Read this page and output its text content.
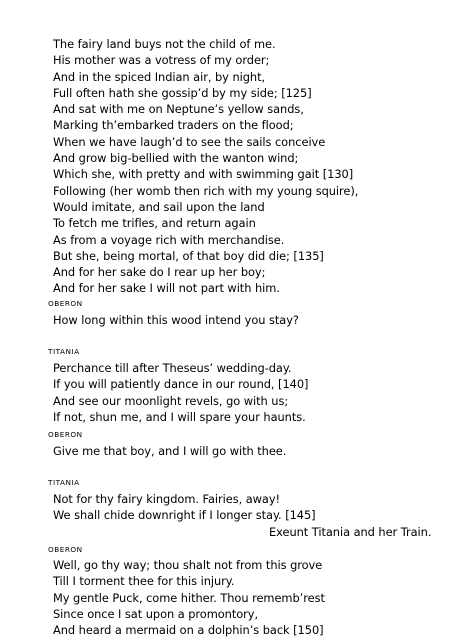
The fairy land buys not the child of me.
His mother was a votress of my order;
And in the spiced Indian air, by night,
Full often hath she gossip’d by my side; [125]
And sat with me on Neptune’s yellow sands,
Marking th’embarked traders on the flood;
When we have laugh’d to see the sails conceive
And grow big-bellied with the wanton wind;
Which she, with pretty and with swimming gait [130]
Following (her womb then rich with my young squire),
Would imitate, and sail upon the land
To fetch me trifles, and return again
As from a voyage rich with merchandise.
But she, being mortal, of that boy did die; [135]
And for her sake do I rear up her boy;
And for her sake I will not part with him.
OBERON
How long within this wood intend you stay?
TITANIA
Perchance till after Theseus’ wedding-day.
If you will patiently dance in our round, [140]
And see our moonlight revels, go with us;
If not, shun me, and I will spare your haunts.
OBERON
Give me that boy, and I will go with thee.
TITANIA
Not for thy fairy kingdom. Fairies, away!
We shall chide downright if I longer stay. [145]
Exeunt Titania and her Train.
OBERON
Well, go thy way; thou shalt not from this grove
Till I torment thee for this injury.
My gentle Puck, come hither. Thou rememb’rest
Since once I sat upon a promontory,
And heard a mermaid on a dolphin’s back [150]
